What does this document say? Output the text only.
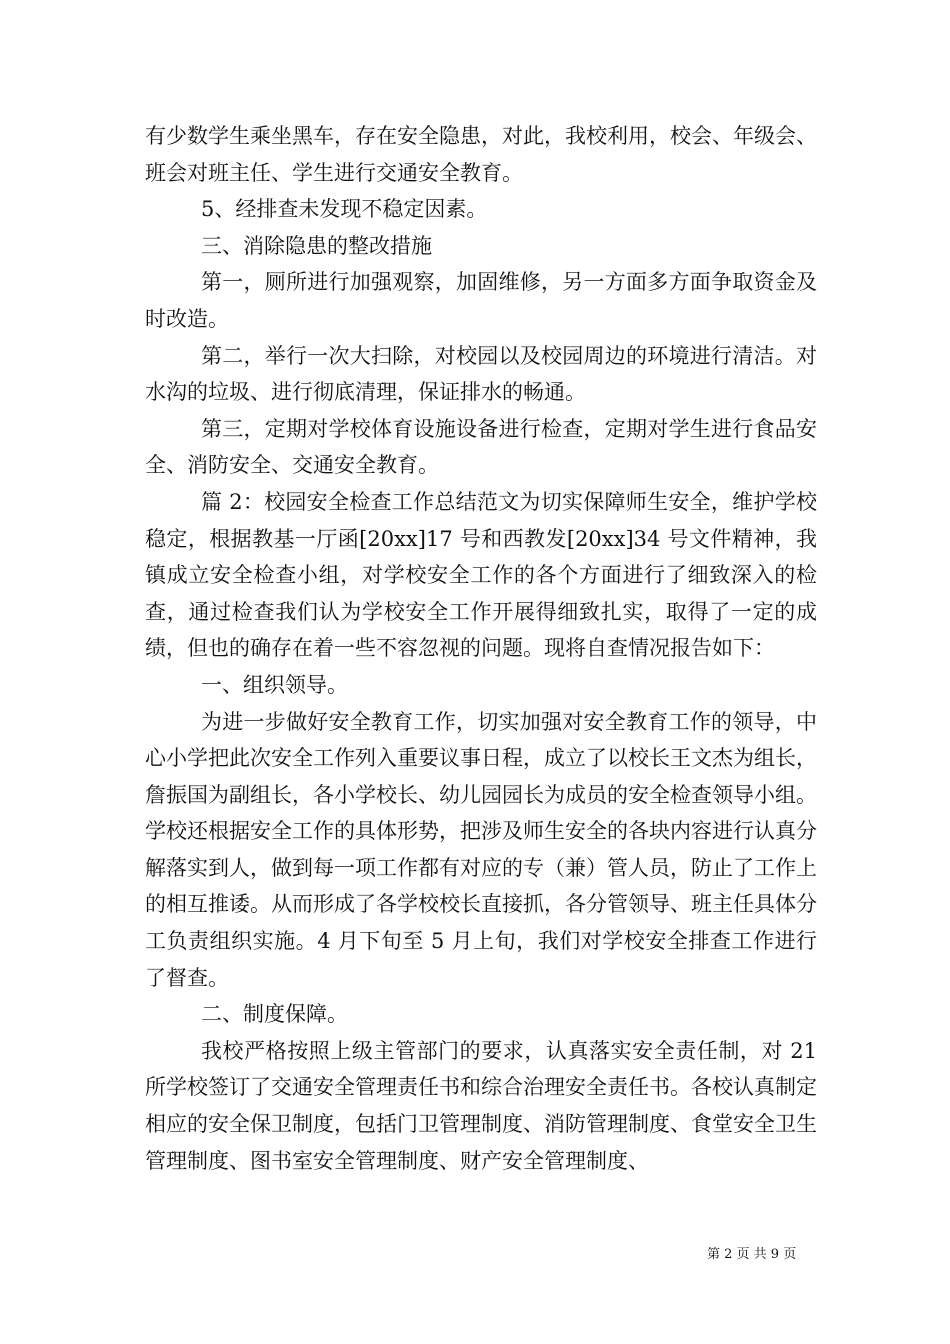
有少数学生乘坐黑车，存在安全隐患，对此，我校利用，校会、年级会、班会对班主任、学生进行交通安全教育。

5、经排查未发现不稳定因素。

三、消除隐患的整改措施

第一，厕所进行加强观察，加固维修，另一方面多方面争取资金及时改造。

第二，举行一次大扫除，对校园以及校园周边的环境进行清洁。对水沟的垃圾、进行彻底清理，保证排水的畅通。

第三，定期对学校体育设施设备进行检查，定期对学生进行食品安全、消防安全、交通安全教育。

篇 2：校园安全检查工作总结范文为切实保障师生安全，维护学校稳定，根据教基一厅函[20xx]17 号和西教发[20xx]34 号文件精神，我镇成立安全检查小组，对学校安全工作的各个方面进行了细致深入的检查，通过检查我们认为学校安全工作开展得细致扎实，取得了一定的成绩，但也的确存在着一些不容忽视的问题。现将自查情况报告如下：

一、组织领导。

为进一步做好安全教育工作，切实加强对安全教育工作的领导，中心小学把此次安全工作列入重要议事日程，成立了以校长王文杰为组长，詹振国为副组长，各小学校长、幼儿园园长为成员的安全检查领导小组。学校还根据安全工作的具体形势，把涉及师生安全的各块内容进行认真分解落实到人，做到每一项工作都有对应的专（兼）管人员，防止了工作上的相互推诿。从而形成了各学校校长直接抓，各分管领导、班主任具体分工负责组织实施。4 月下旬至 5 月上旬，我们对学校安全排查工作进行了督查。

二、制度保障。

我校严格按照上级主管部门的要求，认真落实安全责任制，对 21 所学校签订了交通安全管理责任书和综合治理安全责任书。各校认真制定相应的安全保卫制度，包括门卫管理制度、消防管理制度、食堂安全卫生管理制度、图书室安全管理制度、财产安全管理制度、

第 2 页 共 9 页
